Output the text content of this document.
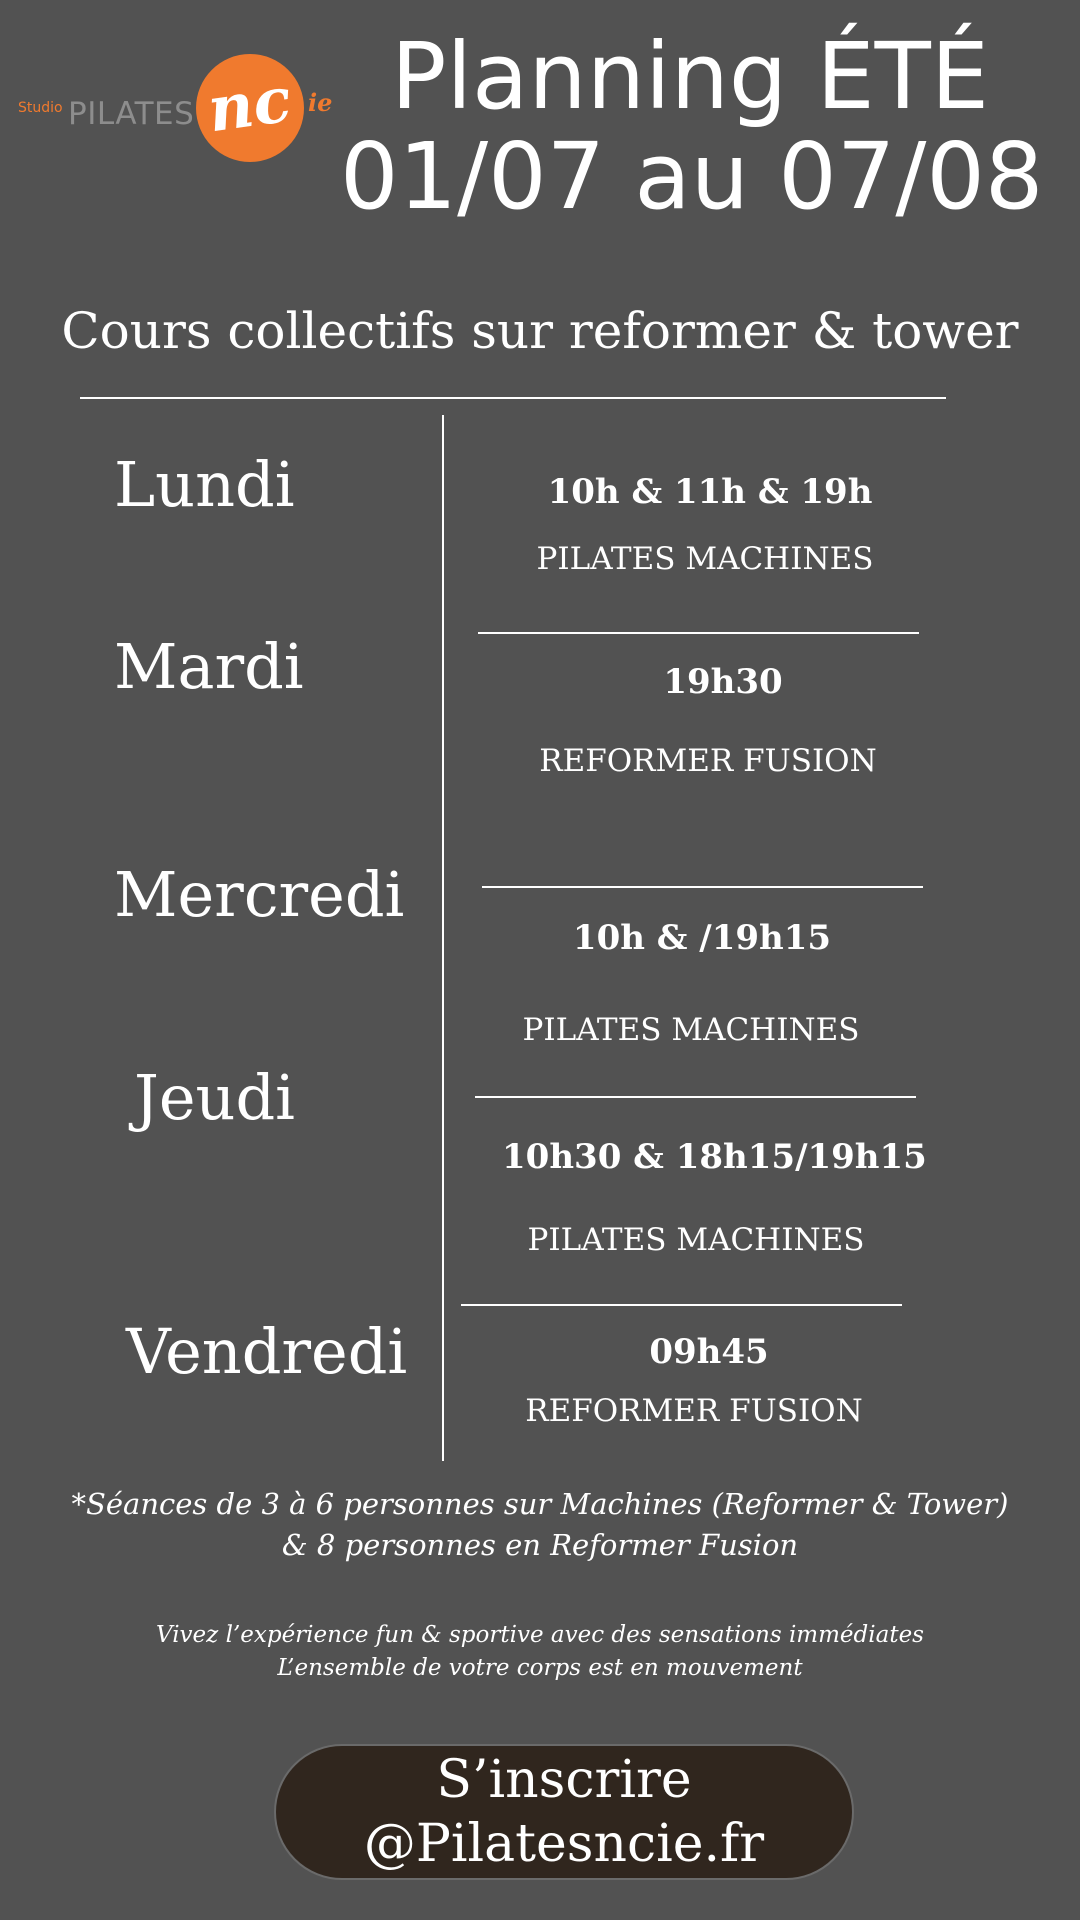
Studio PILATES nc ie Planning ÉTÉ
01/07 au 07/08
Cours collectifs sur reformer & tower
Lundi
Mardi
Mercredi
Jeudi
Vendredi
10h & 11h & 19h
PILATES MACHINES
19h30
REFORMER FUSION
10h & /19h15
PILATES MACHINES
10h30 & 18h15/19h15
PILATES MACHINES
09h45
REFORMER FUSION
*Séances de 3 à 6 personnes sur Machines (Reformer & Tower)
& 8 personnes en Reformer Fusion
Vivez l’expérience fun & sportive avec des sensations immédiates
L’ensemble de votre corps est en mouvement
S’inscrire
@Pilatesncie.fr
